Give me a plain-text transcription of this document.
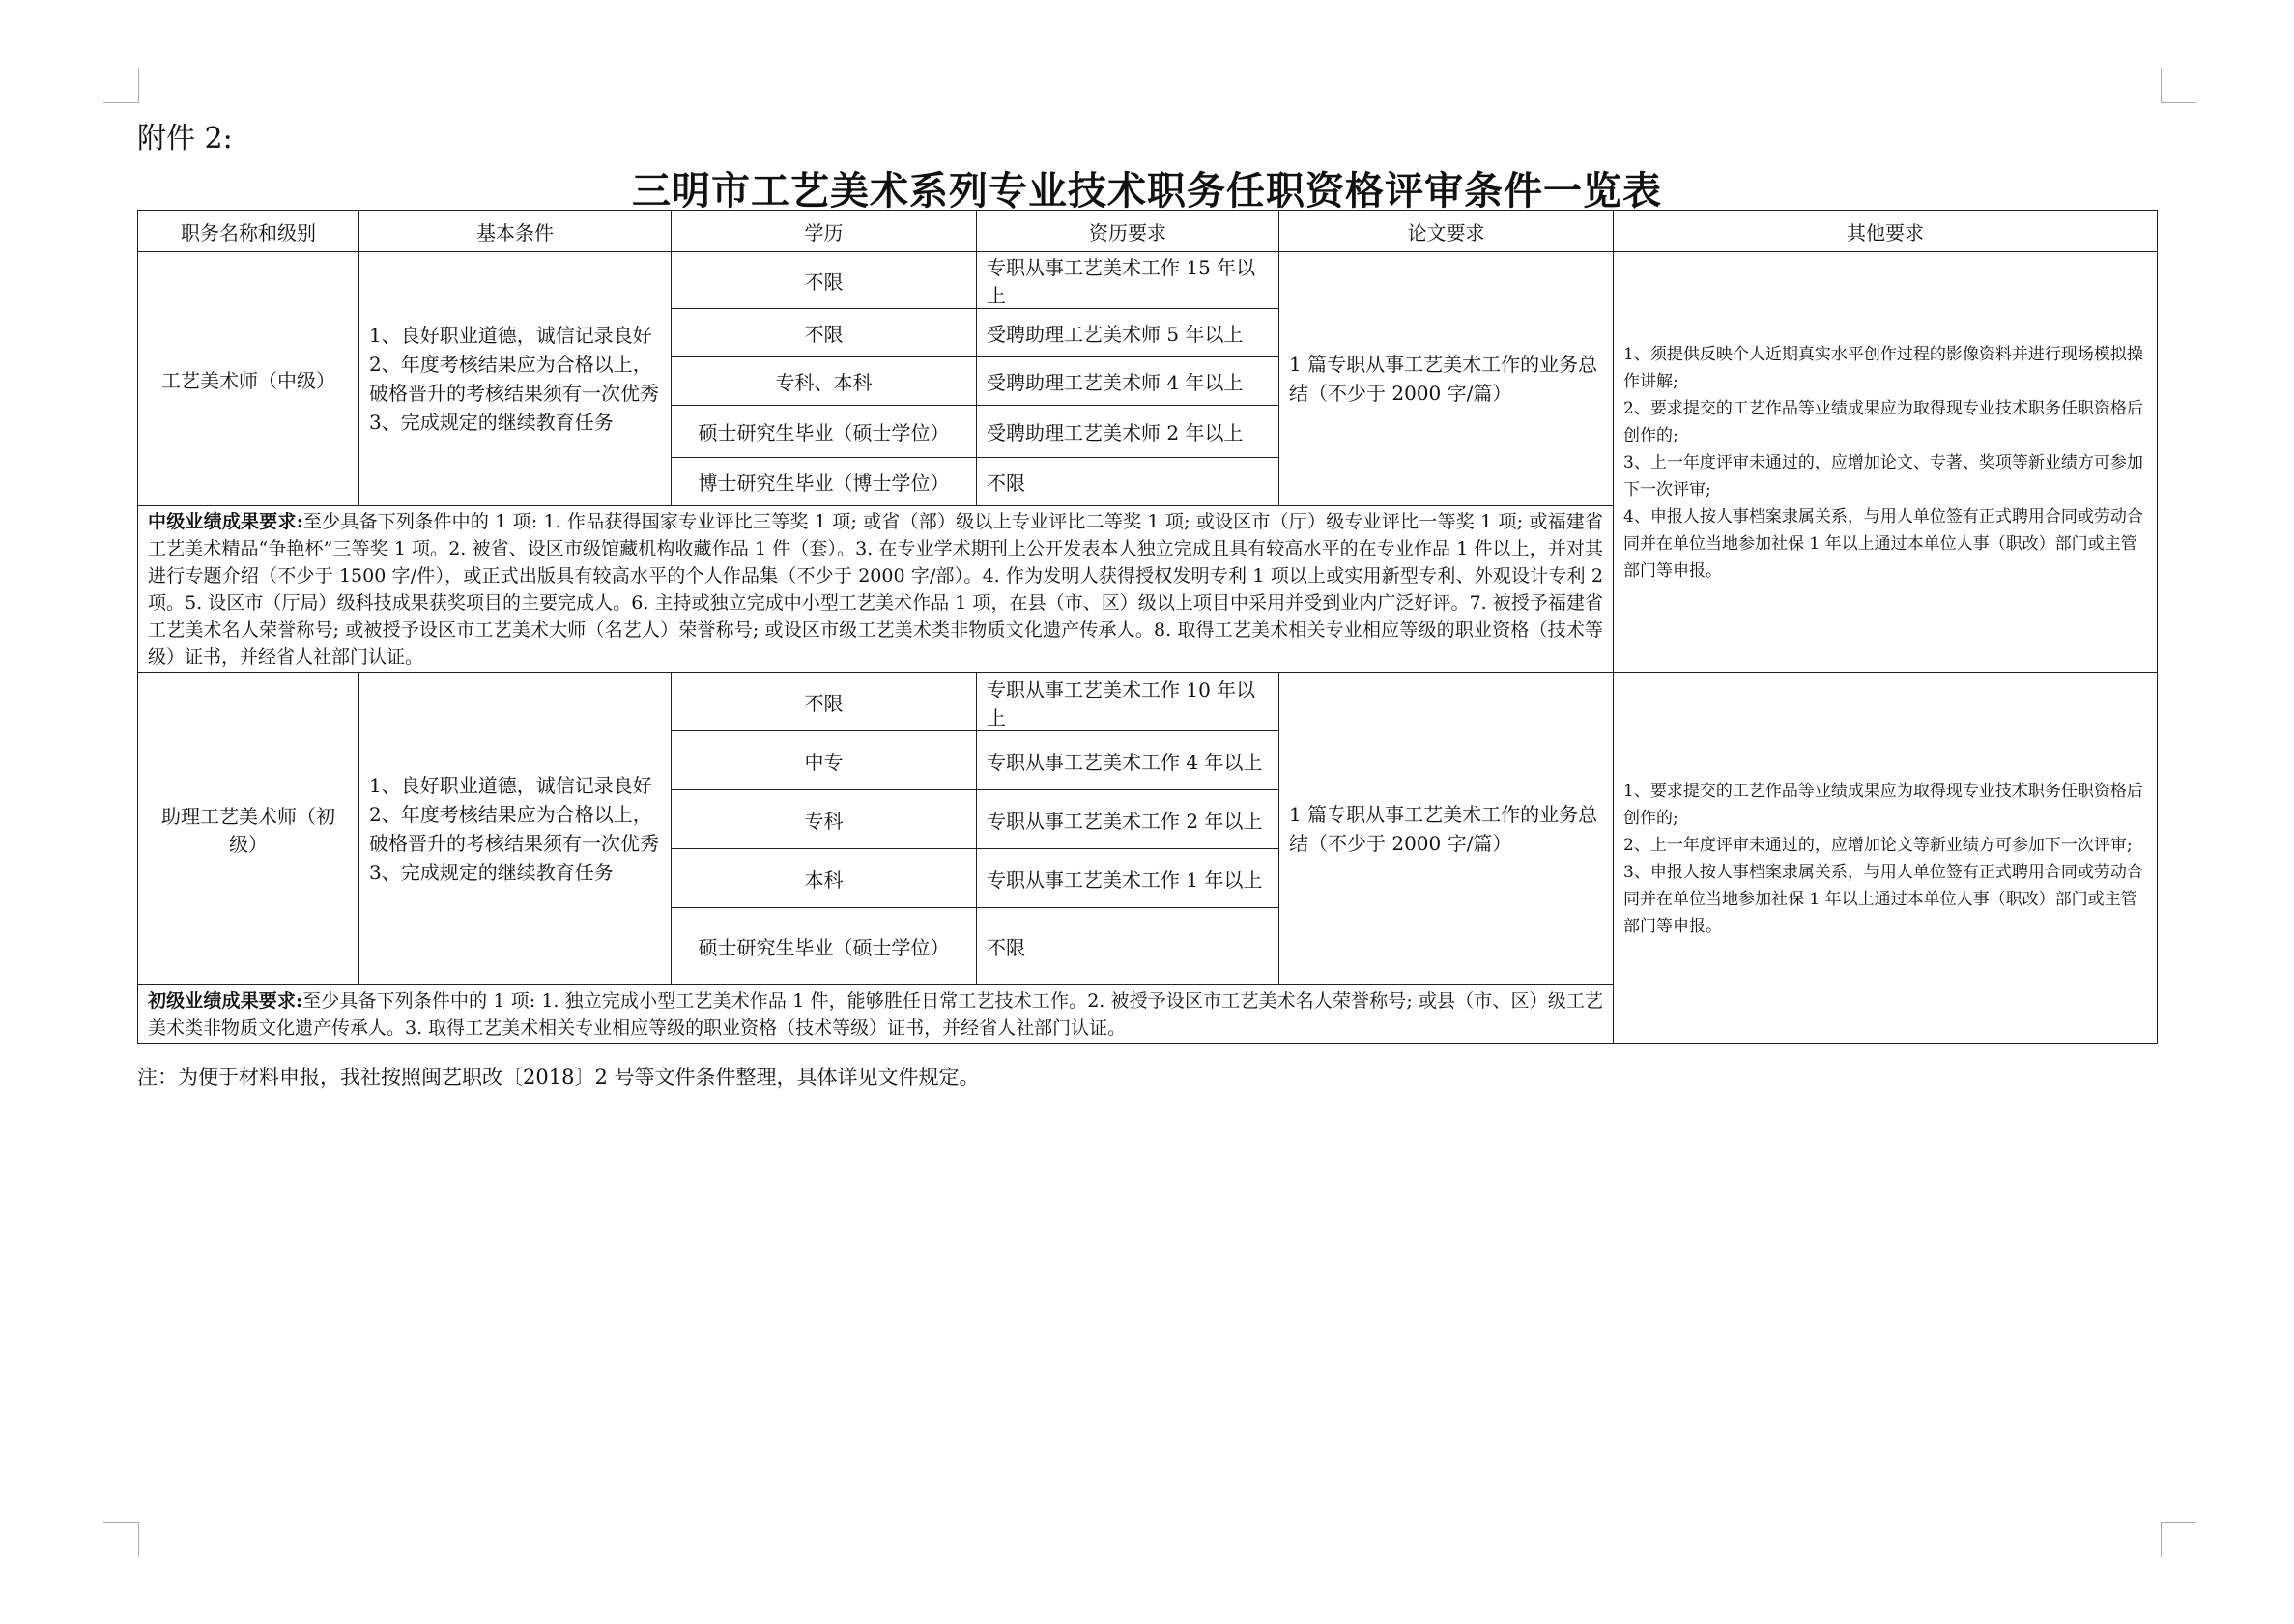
附件 2:
三明市工艺美术系列专业技术职务任职资格评审条件一览表
职务名称和级别	基本条件	学历	资历要求	论文要求	其他要求
工艺美术师（中级）	1、良好职业道德，诚信记录良好
2、年度考核结果应为合格以上，破格晋升的考核结果须有一次优秀
3、完成规定的继续教育任务	不限	专职从事工艺美术工作 15 年以上	1 篇专职从事工艺美术工作的业务总结（不少于 2000 字/篇）	1、须提供反映个人近期真实水平创作过程的影像资料并进行现场模拟操作讲解;
2、要求提交的工艺作品等业绩成果应为取得现专业技术职务任职资格后创作的;
3、上一年度评审未通过的，应增加论文、专著、奖项等新业绩方可参加下一次评审;
4、申报人按人事档案隶属关系，与用人单位签有正式聘用合同或劳动合同并在单位当地参加社保 1 年以上通过本单位人事（职改）部门或主管部门等申报。

		不限	受聘助理工艺美术师 5 年以上		
		专科、本科	受聘助理工艺美术师 4 年以上		
		硕士研究生毕业（硕士学位）	受聘助理工艺美术师 2 年以上		
		博士研究生毕业（博士学位）	不限		
中级业绩成果要求:至少具备下列条件中的 1 项: 1. 作品获得国家专业评比三等奖 1 项; 或省（部）级以上专业评比二等奖 1 项; 或设区市（厅）级专业评比一等奖 1 项; 或福建省工艺美术精品“争艳杯”三等奖 1 项。2. 被省、设区市级馆藏机构收藏作品 1 件（套）。3. 在专业学术期刊上公开发表本人独立完成且具有较高水平的在专业作品 1 件以上，并对其进行专题介绍（不少于 1500 字/件），或正式出版具有较高水平的个人作品集（不少于 2000 字/部）。4. 作为发明人获得授权发明专利 1 项以上或实用新型专利、外观设计专利 2 项。5. 设区市（厅局）级科技成果获奖项目的主要完成人。6. 主持或独立完成中小型工艺美术作品 1 项，在县（市、区）级以上项目中采用并受到业内广泛好评。7. 被授予福建省工艺美术名人荣誉称号; 或被授予设区市工艺美术大师（名艺人）荣誉称号; 或设区市级工艺美术类非物质文化遗产传承人。8. 取得工艺美术相关专业相应等级的职业资格（技术等级）证书，并经省人社部门认证。					
助理工艺美术师（初级）	1、良好职业道德，诚信记录良好
2、年度考核结果应为合格以上，破格晋升的考核结果须有一次优秀
3、完成规定的继续教育任务	不限	专职从事工艺美术工作 10 年以上	1 篇专职从事工艺美术工作的业务总结（不少于 2000 字/篇）	1、要求提交的工艺作品等业绩成果应为取得现专业技术职务任职资格后创作的;
2、上一年度评审未通过的，应增加论文等新业绩方可参加下一次评审;
3、申报人按人事档案隶属关系，与用人单位签有正式聘用合同或劳动合同并在单位当地参加社保 1 年以上通过本单位人事（职改）部门或主管部门等申报。

		中专	专职从事工艺美术工作 4 年以上		
		专科	专职从事工艺美术工作 2 年以上		
		本科	专职从事工艺美术工作 1 年以上		
		硕士研究生毕业（硕士学位）	不限		
初级业绩成果要求:至少具备下列条件中的 1 项: 1. 独立完成小型工艺美术作品 1 件，能够胜任日常工艺技术工作。2. 被授予设区市工艺美术名人荣誉称号; 或县（市、区）级工艺美术类非物质文化遗产传承人。3. 取得工艺美术相关专业相应等级的职业资格（技术等级）证书，并经省人社部门认证。					
注：为便于材料申报，我社按照闽艺职改〔2018〕2 号等文件条件整理，具体详见文件规定。
